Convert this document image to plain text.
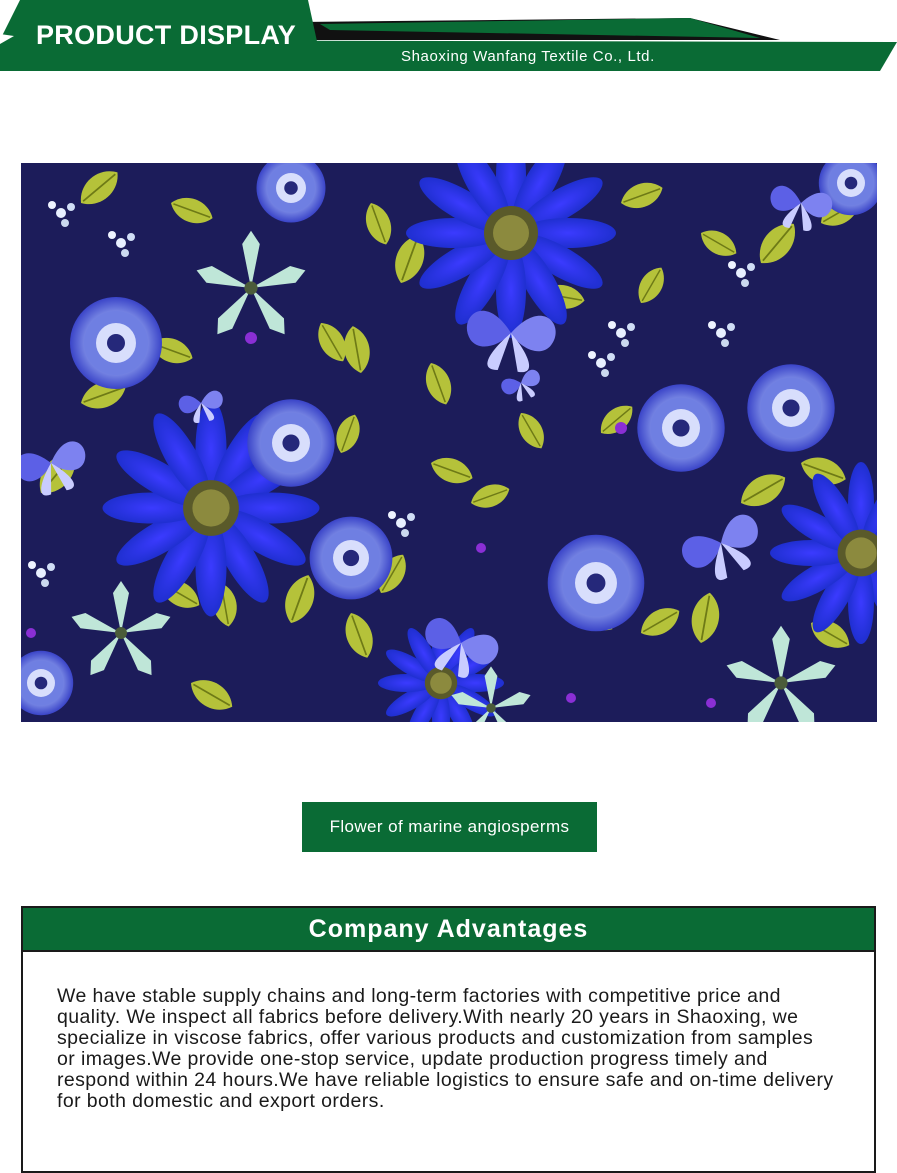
PRODUCT DISPLAY
Shaoxing Wanfang Textile Co., Ltd.
Flower of marine angiosperms
Company Advantages
We have stable supply chains and long-term factories with competitive price and quality. We inspect all fabrics before delivery.With nearly 20 years in Shaoxing, we specialize in viscose fabrics, offer various products and customization from samples or images.We provide one-stop service, update production progress timely and respond within 24 hours.We have reliable logistics to ensure safe and on-time delivery for both domestic and export orders.
